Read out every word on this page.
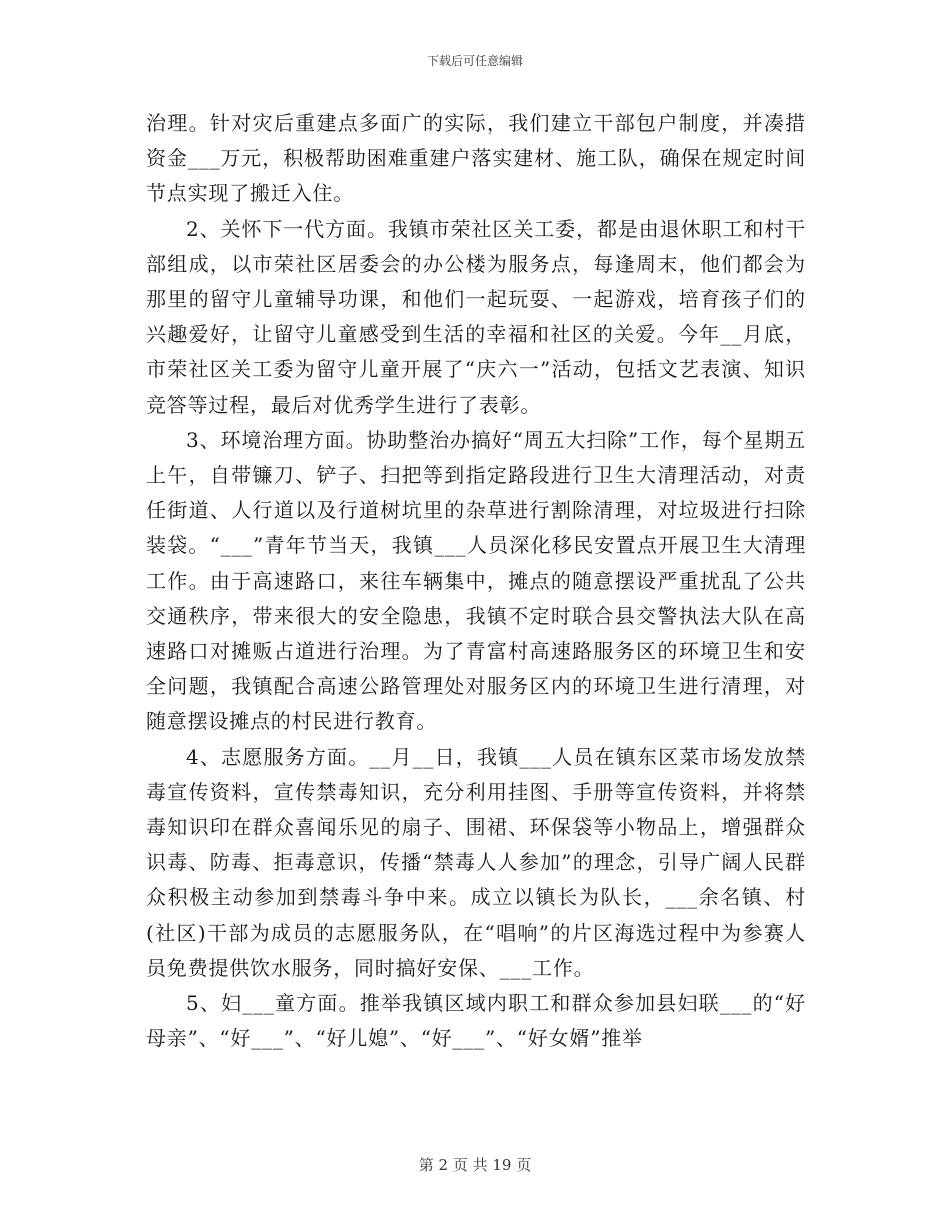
下载后可任意编辑

治理。针对灾后重建点多面广的实际，我们建立干部包户制度，并凑措资金___万元，积极帮助困难重建户落实建材、施工队，确保在规定时间节点实现了搬迁入住。

2、关怀下一代方面。我镇市荣社区关工委，都是由退休职工和村干部组成，以市荣社区居委会的办公楼为服务点，每逢周末，他们都会为那里的留守儿童辅导功课，和他们一起玩耍、一起游戏，培育孩子们的兴趣爱好，让留守儿童感受到生活的幸福和社区的关爱。今年__月底，市荣社区关工委为留守儿童开展了“庆六一”活动，包括文艺表演、知识竞答等过程，最后对优秀学生进行了表彰。

3、环境治理方面。协助整治办搞好“周五大扫除”工作，每个星期五上午，自带镰刀、铲子、扫把等到指定路段进行卫生大清理活动，对责任街道、人行道以及行道树坑里的杂草进行割除清理，对垃圾进行扫除装袋。“___”青年节当天，我镇___人员深化移民安置点开展卫生大清理工作。由于高速路口，来往车辆集中，摊点的随意摆设严重扰乱了公共交通秩序，带来很大的安全隐患，我镇不定时联合县交警执法大队在高速路口对摊贩占道进行治理。为了青富村高速路服务区的环境卫生和安全问题，我镇配合高速公路管理处对服务区内的环境卫生进行清理，对随意摆设摊点的村民进行教育。

4、志愿服务方面。__月__日，我镇___人员在镇东区菜市场发放禁毒宣传资料，宣传禁毒知识，充分利用挂图、手册等宣传资料，并将禁毒知识印在群众喜闻乐见的扇子、围裙、环保袋等小物品上，增强群众识毒、防毒、拒毒意识，传播“禁毒人人参加”的理念，引导广阔人民群众积极主动参加到禁毒斗争中来。成立以镇长为队长，___余名镇、村(社区)干部为成员的志愿服务队，在“唱响”的片区海选过程中为参赛人员免费提供饮水服务，同时搞好安保、___工作。

5、妇___童方面。推举我镇区域内职工和群众参加县妇联___的“好母亲”、“好___”、“好儿媳”、“好___”、“好女婿”推举

第 2 页 共 19 页
